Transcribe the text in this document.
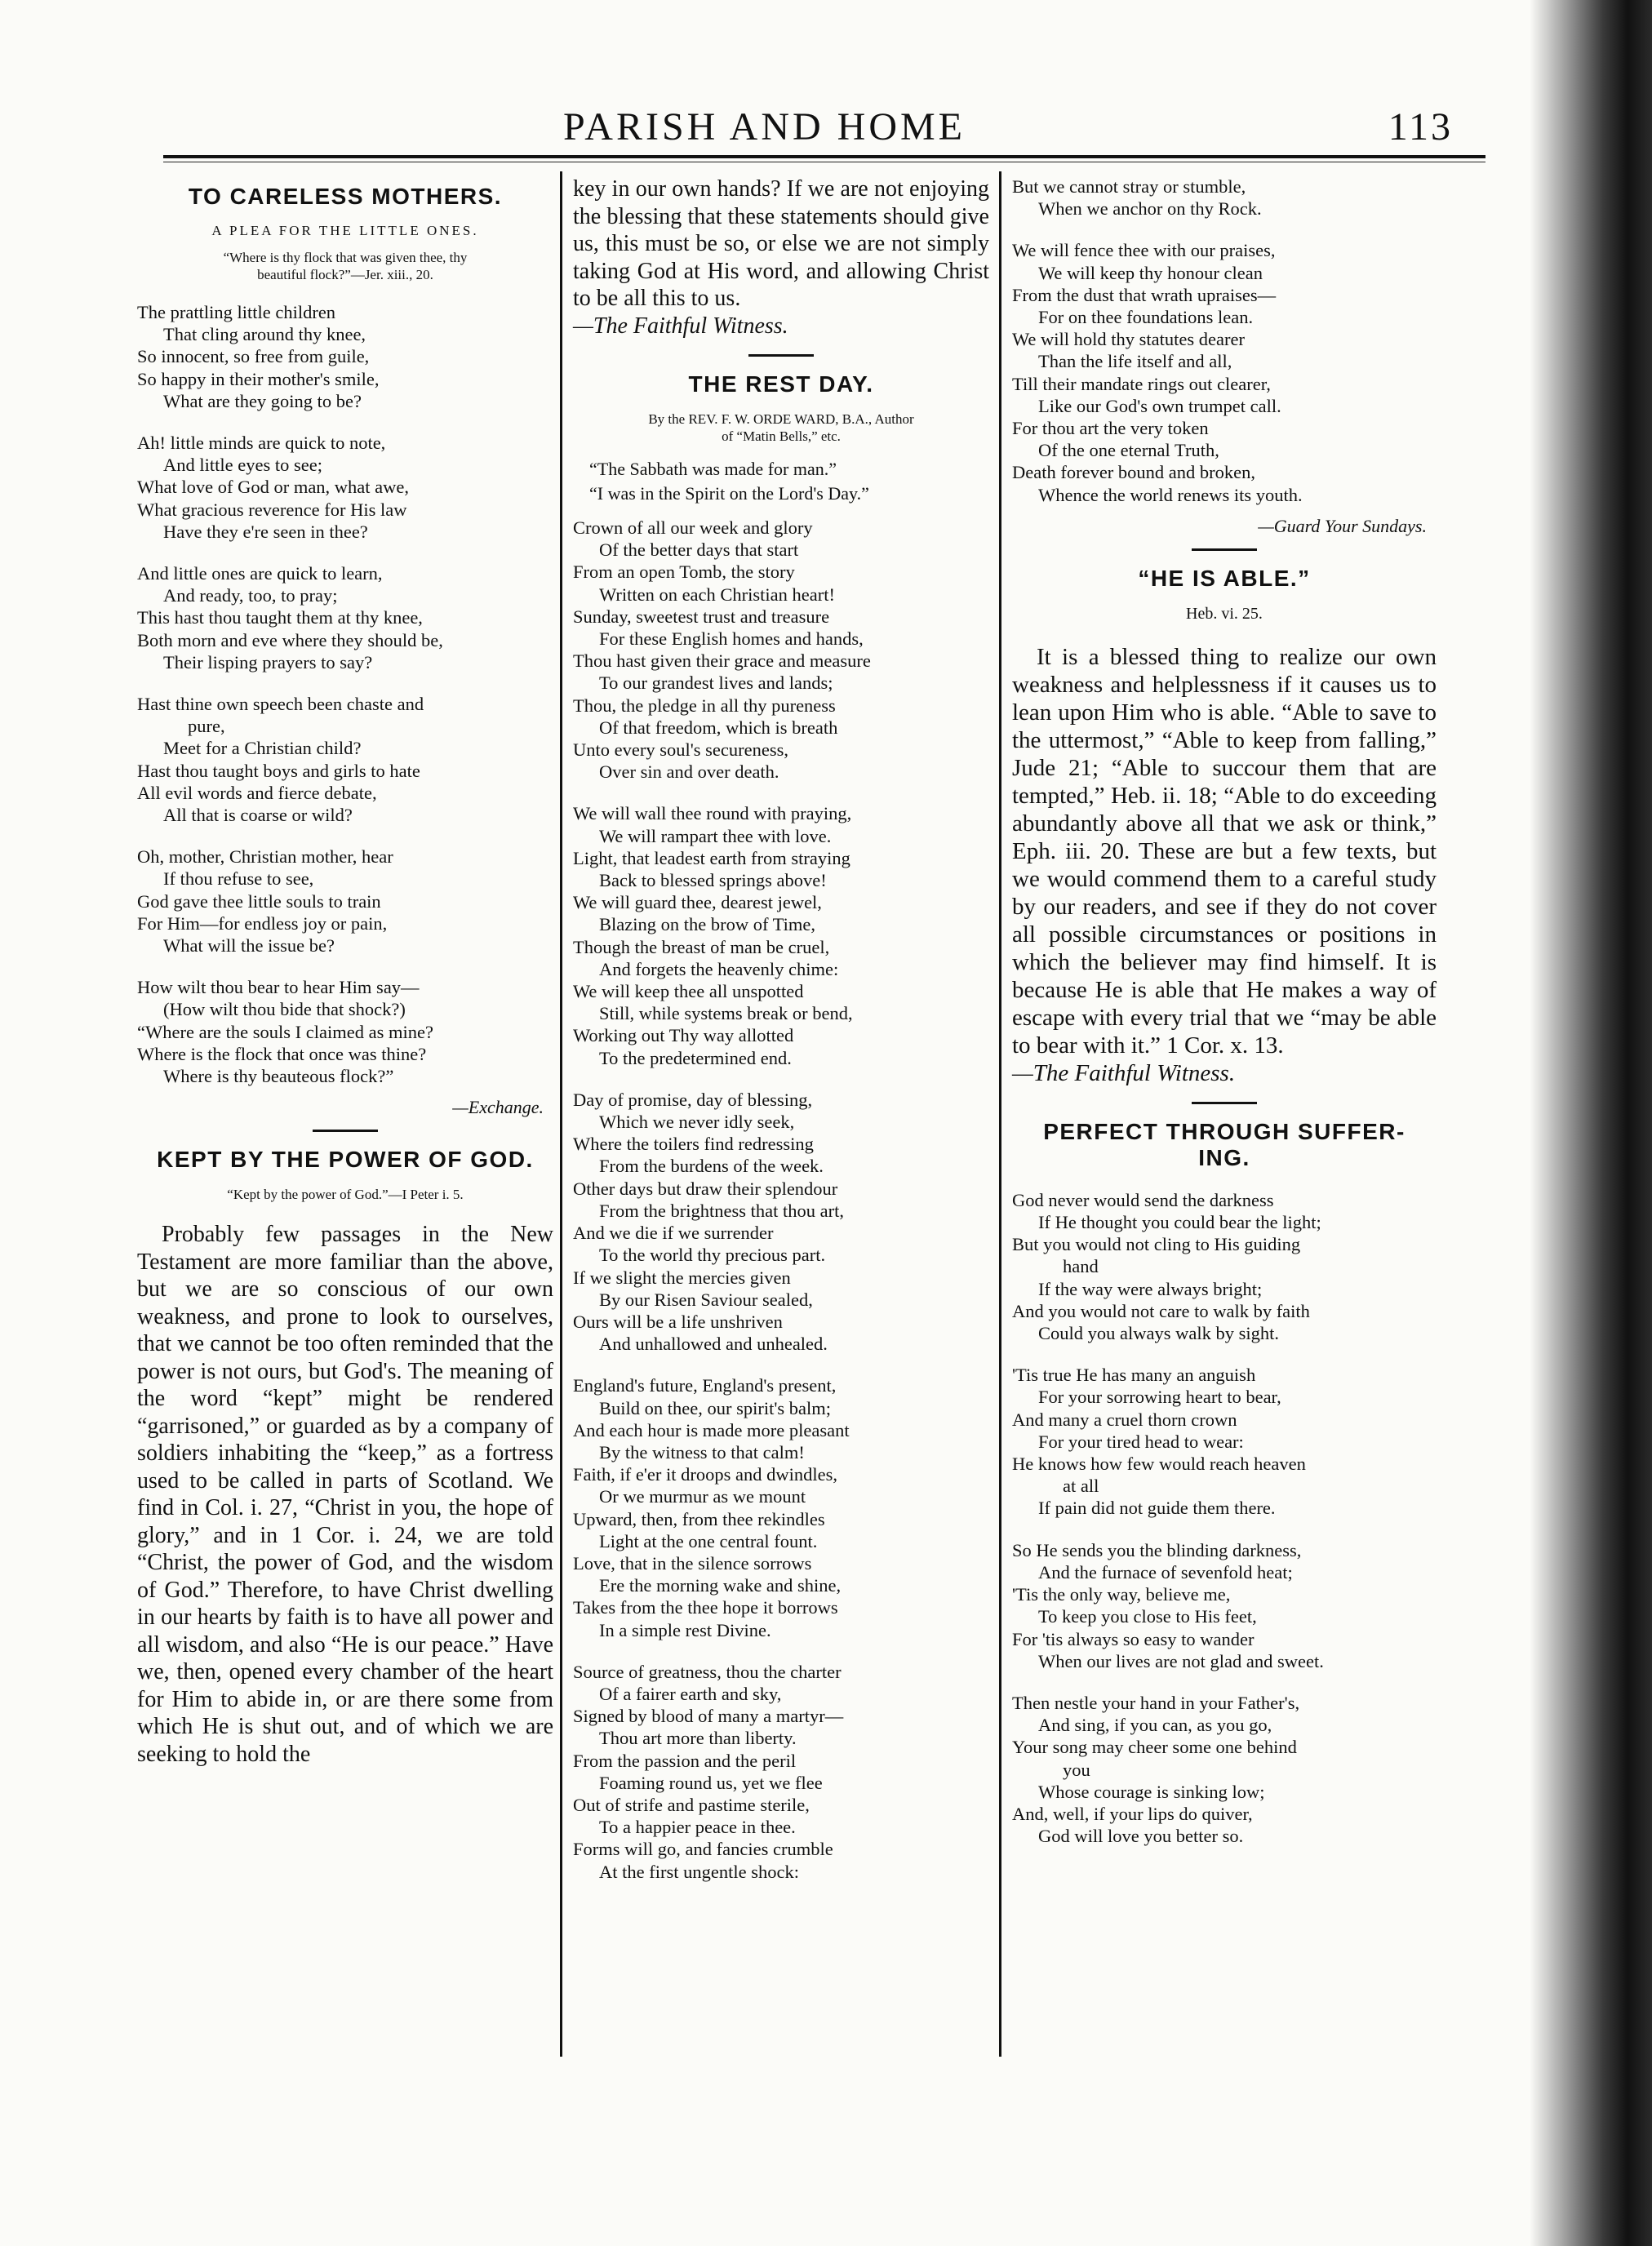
PARISH AND HOME	113
TO CARELESS MOTHERS.
A PLEA FOR THE LITTLE ONES.
“Where is thy flock that was given thee, thy
beautiful flock?”—Jer. xiii., 20.
The prattling little children
That cling around thy knee,
So innocent, so free from guile,
So happy in their mother's smile,
What are they going to be?
Ah! little minds are quick to note,
And little eyes to see;
What love of God or man, what awe,
What gracious reverence for His law
Have they e're seen in thee?
And little ones are quick to learn,
And ready, too, to pray;
This hast thou taught them at thy knee,
Both morn and eve where they should be,
Their lisping prayers to say?
Hast thine own speech been chaste and
pure,
Meet for a Christian child?
Hast thou taught boys and girls to hate
All evil words and fierce debate,
All that is coarse or wild?
Oh, mother, Christian mother, hear
If thou refuse to see,
God gave thee little souls to train
For Him—for endless joy or pain,
What will the issue be?
How wilt thou bear to hear Him say—
(How wilt thou bide that shock?)
“Where are the souls I claimed as mine?
Where is the flock that once was thine?
Where is thy beauteous flock?”
—Exchange.
KEPT BY THE POWER OF GOD.
“Kept by the power of God.”—I Peter i. 5.

Probably few passages in the New Testament are more familiar than the above, but we are so conscious of our own weakness, and prone to look to ourselves, that we cannot be too often reminded that the power is not ours, but God's. The meaning of the word “kept” might be rendered “garrisoned,” or guarded as by a company of soldiers inhabiting the “keep,” as a fortress used to be called in parts of Scotland. We find in Col. i. 27, “Christ in you, the hope of glory,” and in 1 Cor. i. 24, we are told “Christ, the power of God, and the wisdom of God.” Therefore, to have Christ dwelling in our hearts by faith is to have all power and all wisdom, and also “He is our peace.” Have we, then, opened every chamber of the heart for Him to abide in, or are there some from which He is shut out, and of which we are seeking to hold the

key in our own hands? If we are not enjoying the blessing that these statements should give us, this must be so, or else we are not simply taking God at His word, and allowing Christ to be all this to us.

—The Faithful Witness.
THE REST DAY.
By the REV. F. W. ORDE WARD, B.A., Author
of “Matin Bells,” etc.
“The Sabbath was made for man.”
“I was in the Spirit on the Lord's Day.”
Crown of all our week and glory
Of the better days that start
From an open Tomb, the story
Written on each Christian heart!
Sunday, sweetest trust and treasure
For these English homes and hands,
Thou hast given their grace and measure
To our grandest lives and lands;
Thou, the pledge in all thy pureness
Of that freedom, which is breath
Unto every soul's secureness,
Over sin and over death.
We will wall thee round with praying,
We will rampart thee with love.
Light, that leadest earth from straying
Back to blessed springs above!
We will guard thee, dearest jewel,
Blazing on the brow of Time,
Though the breast of man be cruel,
And forgets the heavenly chime:
We will keep thee all unspotted
Still, while systems break or bend,
Working out Thy way allotted
To the predetermined end.
Day of promise, day of blessing,
Which we never idly seek,
Where the toilers find redressing
From the burdens of the week.
Other days but draw their splendour
From the brightness that thou art,
And we die if we surrender
To the world thy precious part.
If we slight the mercies given
By our Risen Saviour sealed,
Ours will be a life unshriven
And unhallowed and unhealed.
England's future, England's present,
Build on thee, our spirit's balm;
And each hour is made more pleasant
By the witness to that calm!
Faith, if e'er it droops and dwindles,
Or we murmur as we mount
Upward, then, from thee rekindles
Light at the one central fount.
Love, that in the silence sorrows
Ere the morning wake and shine,
Takes from the thee hope it borrows
In a simple rest Divine.
Source of greatness, thou the charter
Of a fairer earth and sky,
Signed by blood of many a martyr—
Thou art more than liberty.
From the passion and the peril
Foaming round us, yet we flee
Out of strife and pastime sterile,
To a happier peace in thee.
Forms will go, and fancies crumble
At the first ungentle shock:
But we cannot stray or stumble,
When we anchor on thy Rock.
We will fence thee with our praises,
We will keep thy honour clean
From the dust that wrath upraises—
For on thee foundations lean.
We will hold thy statutes dearer
Than the life itself and all,
Till their mandate rings out clearer,
Like our God's own trumpet call.
For thou art the very token
Of the one eternal Truth,
Death forever bound and broken,
Whence the world renews its youth.
—Guard Your Sundays.
“HE IS ABLE.”
Heb. vi. 25.

It is a blessed thing to realize our own weakness and helplessness if it causes us to lean upon Him who is able. “Able to save to the uttermost,” “Able to keep from falling,” Jude 21; “Able to succour them that are tempted,” Heb. ii. 18; “Able to do exceeding abundantly above all that we ask or think,” Eph. iii. 20. These are but a few texts, but we would commend them to a careful study by our readers, and see if they do not cover all possible circumstances or positions in which the believer may find himself. It is because He is able that He makes a way of escape with every trial that we “may be able to bear with it.” 1 Cor. x. 13.

—The Faithful Witness.
PERFECT THROUGH SUFFER-
ING.
God never would send the darkness
If He thought you could bear the light;
But you would not cling to His guiding
hand
If the way were always bright;
And you would not care to walk by faith
Could you always walk by sight.
'Tis true He has many an anguish
For your sorrowing heart to bear,
And many a cruel thorn crown
For your tired head to wear:
He knows how few would reach heaven
at all
If pain did not guide them there.
So He sends you the blinding darkness,
And the furnace of sevenfold heat;
'Tis the only way, believe me,
To keep you close to His feet,
For 'tis always so easy to wander
When our lives are not glad and sweet.
Then nestle your hand in your Father's,
And sing, if you can, as you go,
Your song may cheer some one behind
you
Whose courage is sinking low;
And, well, if your lips do quiver,
God will love you better so.
